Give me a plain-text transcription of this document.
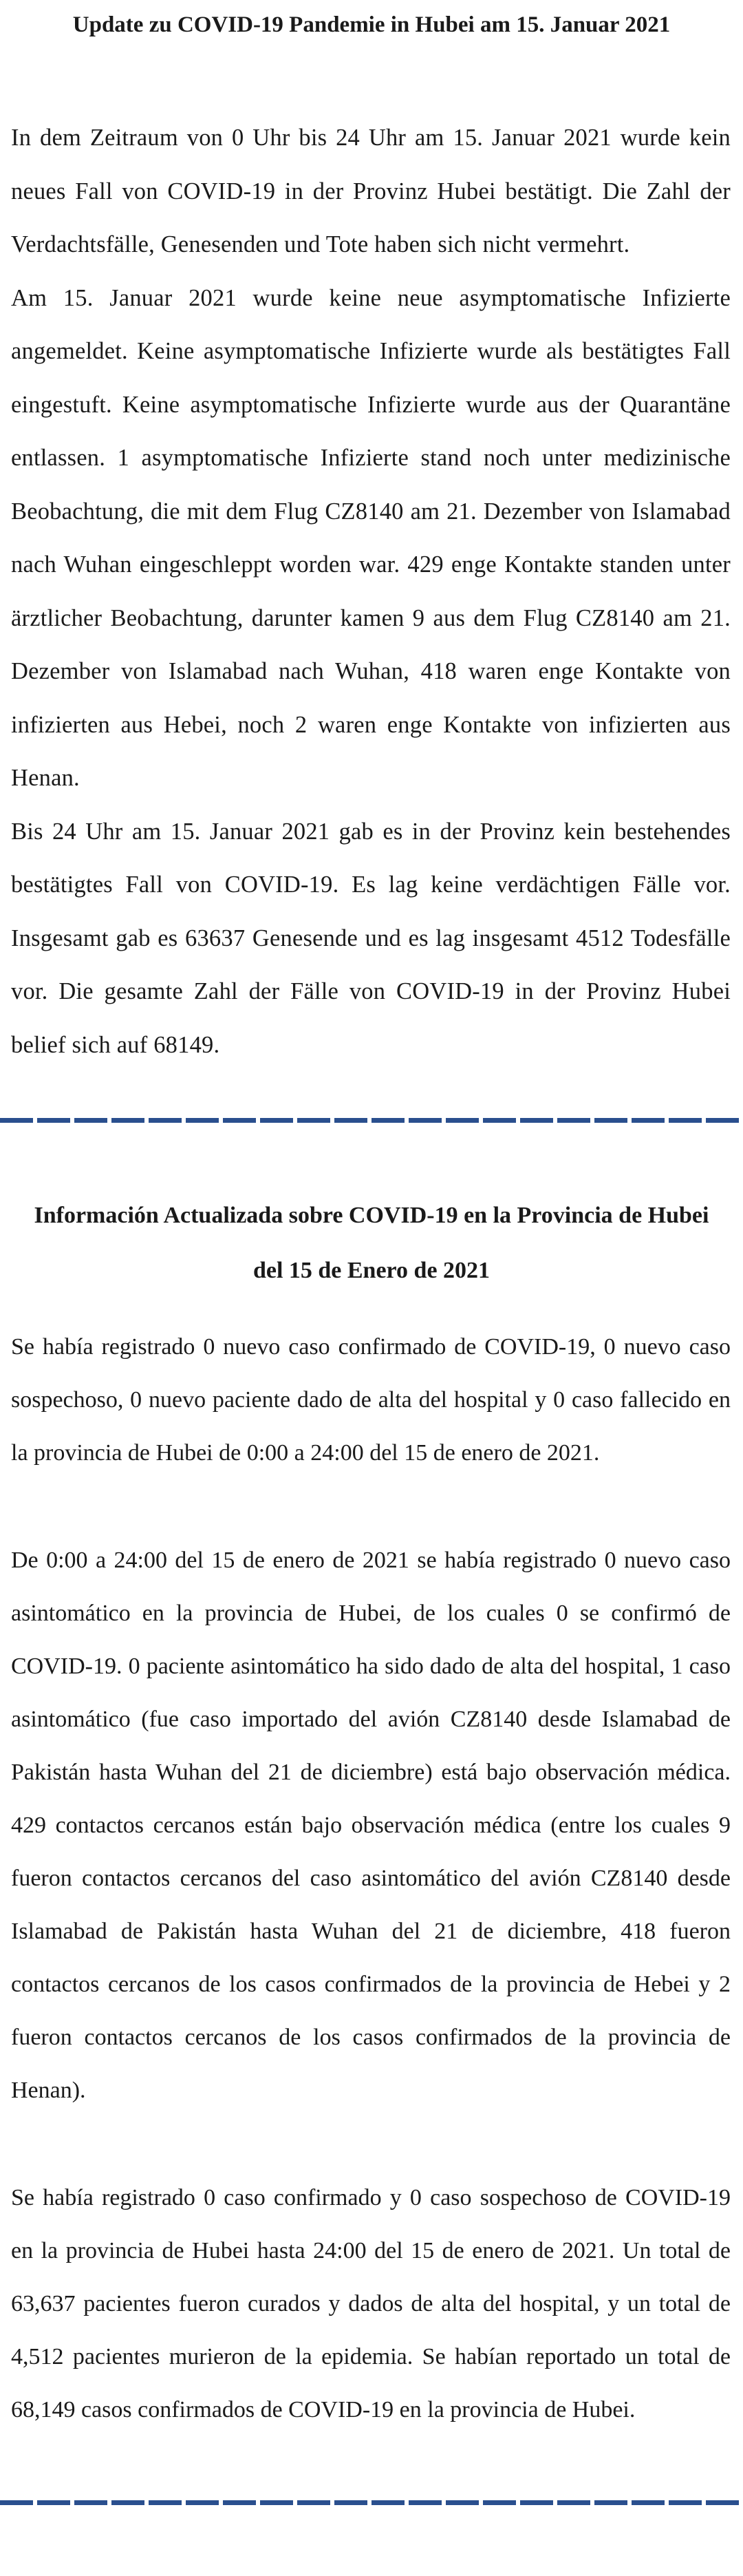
Update zu COVID-19 Pandemie in Hubei am 15. Januar 2021

In dem Zeitraum von 0 Uhr bis 24 Uhr am 15. Januar 2021 wurde kein neues Fall von COVID-19 in der Provinz Hubei bestätigt. Die Zahl der Verdachtsfälle, Genesenden und Tote haben sich nicht vermehrt.

Am 15. Januar 2021 wurde keine neue asymptomatische Infizierte angemeldet. Keine asymptomatische Infizierte wurde als bestätigtes Fall eingestuft. Keine asymptomatische Infizierte wurde aus der Quarantäne entlassen. 1 asymptomatische Infizierte stand noch unter medizinische Beobachtung, die mit dem Flug CZ8140 am 21. Dezember von Islamabad nach Wuhan eingeschleppt worden war. 429 enge Kontakte standen unter ärztlicher Beobachtung, darunter kamen 9 aus dem Flug CZ8140 am 21. Dezember von Islamabad nach Wuhan, 418 waren enge Kontakte von infizierten aus Hebei, noch 2 waren enge Kontakte von infizierten aus Henan.

Bis 24 Uhr am 15. Januar 2021 gab es in der Provinz kein bestehendes bestätigtes Fall von COVID-19. Es lag keine verdächtigen Fälle vor. Insgesamt gab es 63637 Genesende und es lag insgesamt 4512 Todesfälle vor. Die gesamte Zahl der Fälle von COVID-19 in der Provinz Hubei belief sich auf 68149.

Información Actualizada sobre COVID-19 en la Provincia de Hubei
del 15 de Enero de 2021

Se había registrado 0 nuevo caso confirmado de COVID-19, 0 nuevo caso sospechoso, 0 nuevo paciente dado de alta del hospital y 0 caso fallecido en la provincia de Hubei de 0:00 a 24:00 del 15 de enero de 2021.

De 0:00 a 24:00 del 15 de enero de 2021 se había registrado 0 nuevo caso asintomático en la provincia de Hubei, de los cuales 0 se confirmó de COVID-19. 0 paciente asintomático ha sido dado de alta del hospital, 1 caso asintomático (fue caso importado del avión CZ8140 desde Islamabad de Pakistán hasta Wuhan del 21 de diciembre) está bajo observación médica. 429 contactos cercanos están bajo observación médica (entre los cuales 9 fueron contactos cercanos del caso asintomático del avión CZ8140 desde Islamabad de Pakistán hasta Wuhan del 21 de diciembre, 418 fueron contactos cercanos de los casos confirmados de la provincia de Hebei y 2 fueron contactos cercanos de los casos confirmados de la provincia de Henan).

Se había registrado 0 caso confirmado y 0 caso sospechoso de COVID-19 en la provincia de Hubei hasta 24:00 del 15 de enero de 2021. Un total de 63,637 pacientes fueron curados y dados de alta del hospital, y un total de 4,512 pacientes murieron de la epidemia. Se habían reportado un total de 68,149 casos confirmados de COVID-19 en la provincia de Hubei.
